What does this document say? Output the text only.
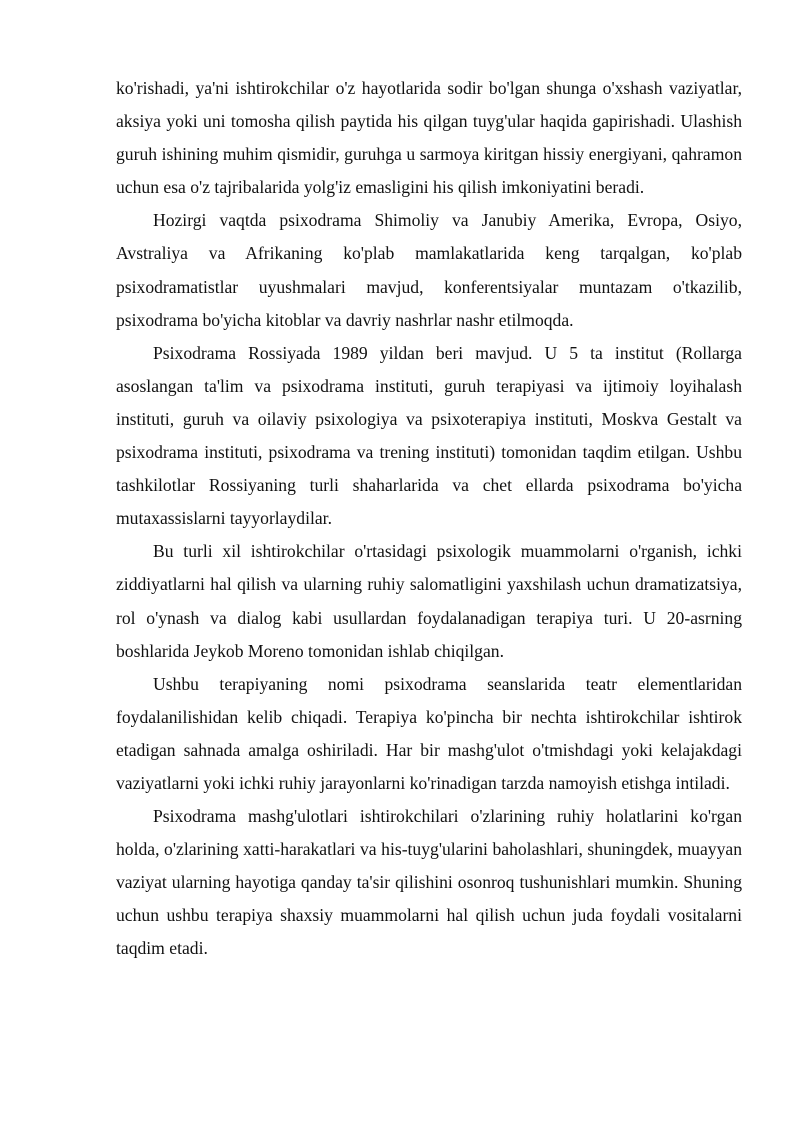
ko'rishadi, ya'ni ishtirokchilar o'z hayotlarida sodir bo'lgan shunga o'xshash vaziyatlar, aksiya yoki uni tomosha qilish paytida his qilgan tuyg'ular haqida gapirishadi. Ulashish guruh ishining muhim qismidir, guruhga u sarmoya kiritgan hissiy energiyani, qahramon uchun esa o'z tajribalarida yolg'iz emasligini his qilish imkoniyatini beradi.

Hozirgi vaqtda psixodrama Shimoliy va Janubiy Amerika, Evropa, Osiyo, Avstraliya va Afrikaning ko'plab mamlakatlarida keng tarqalgan, ko'plab psixodramatistlar uyushmalari mavjud, konferentsiyalar muntazam o'tkazilib, psixodrama bo'yicha kitoblar va davriy nashrlar nashr etilmoqda.

Psixodrama Rossiyada 1989 yildan beri mavjud. U 5 ta institut (Rollarga asoslangan ta'lim va psixodrama instituti, guruh terapiyasi va ijtimoiy loyihalash instituti, guruh va oilaviy psixologiya va psixoterapiya instituti, Moskva Gestalt va psixodrama instituti, psixodrama va trening instituti) tomonidan taqdim etilgan. Ushbu tashkilotlar Rossiyaning turli shaharlarida va chet ellarda psixodrama bo'yicha mutaxassislarni tayyorlaydilar.

Bu turli xil ishtirokchilar o'rtasidagi psixologik muammolarni o'rganish, ichki ziddiyatlarni hal qilish va ularning ruhiy salomatligini yaxshilash uchun dramatizatsiya, rol o'ynash va dialog kabi usullardan foydalanadigan terapiya turi. U 20-asrning boshlarida Jeykob Moreno tomonidan ishlab chiqilgan.

Ushbu terapiyaning nomi psixodrama seanslarida teatr elementlaridan foydalanilishidan kelib chiqadi. Terapiya ko'pincha bir nechta ishtirokchilar ishtirok etadigan sahnada amalga oshiriladi. Har bir mashg'ulot o'tmishdagi yoki kelajakdagi vaziyatlarni yoki ichki ruhiy jarayonlarni ko'rinadigan tarzda namoyish etishga intiladi.

Psixodrama mashg'ulotlari ishtirokchilari o'zlarining ruhiy holatlarini ko'rgan holda, o'zlarining xatti-harakatlari va his-tuyg'ularini baholashlari, shuningdek, muayyan vaziyat ularning hayotiga qanday ta'sir qilishini osonroq tushunishlari mumkin. Shuning uchun ushbu terapiya shaxsiy muammolarni hal qilish uchun juda foydali vositalarni taqdim etadi.
